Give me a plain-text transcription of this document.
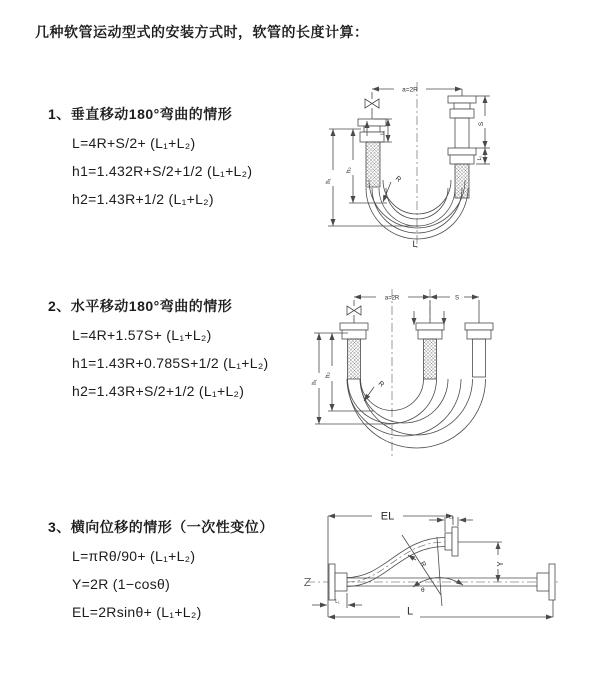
几种软管运动型式的安装方式时，软管的长度计算：
1、垂直移动180°弯曲的情形
L=4R+S/2+ (L₁+L₂)
h1=1.432R+S/2+1/2 (L₁+L₂)
h2=1.43R+1/2 (L₁+L₂)
a=2R
h₁
h₂
L₁
S
L₂
R
L
2、水平移动180°弯曲的情形
L=4R+1.57S+ (L₁+L₂)
h1=1.43R+0.785S+1/2 (L₁+L₂)
h2=1.43R+S/2+1/2 (L₁+L₂)
a=2R	S
h₁
h₂
R
3、横向位移的情形（一次性变位）
L=πRθ/90+ (L₁+L₂)
Y=2R (1−cosθ)
EL=2Rsinθ+ (L₁+L₂)
EL	L₁
Y
R
θ
L
L₁
